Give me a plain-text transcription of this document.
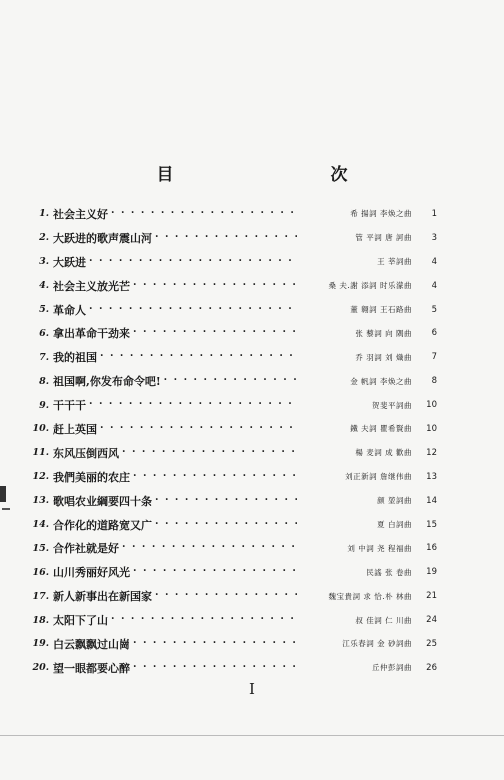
目　次
1. 社会主义好 . . .	希 揚詞 李焕之曲	1
2. 大跃进的歌声震山河 . . .	管 平詞 唐 訶曲	3
3. 大跃进 . . .	王 莘詞曲	4
4. 社会主义放光芒 . . .	桑 夫.謝 添詞 时乐濛曲	4
5. 革命人 . . .	董 翱詞 王石路曲	5
6. 拿出革命干劲来 . . .	张 藜詞 向 隅曲	6
7. 我的祖国 . . .	乔 羽詞 刘 熾曲	7
8. 祖国啊,你发布命令吧! . . .	金 帆詞 李焕之曲	8
9. 干干干 . . .	贺斐平詞曲	10
10. 赶上英国 . . .	鐵 夫詞 瞿希賢曲	10
11. 东风压倒西风 . . .	楊 麦詞 成 歡曲	12
12. 我們美丽的农庄 . . .	刘正新詞 詹继伟曲	13
13. 歌唱农业綱要四十条 . . .	颜 堃詞曲	14
14. 合作化的道路宽又广 . . .	夏 白詞曲	15
15. 合作社就是好 . . .	刘 中詞 尧 程福曲	16
16. 山川秀丽好风光 . . .	民謠 张 卷曲	19
17. 新人新事出在新国家 . . .	魏宝貴詞 求 恰.朴 林曲	21
18. 太阳下了山 . . .	叔 佳詞 仁 川曲	24
19. 白云飘飘过山崗 . . .	江乐春詞 金 砂詞曲	25
20. 望一眼都要心醉 . . .	丘仲彭詞曲	26
I
